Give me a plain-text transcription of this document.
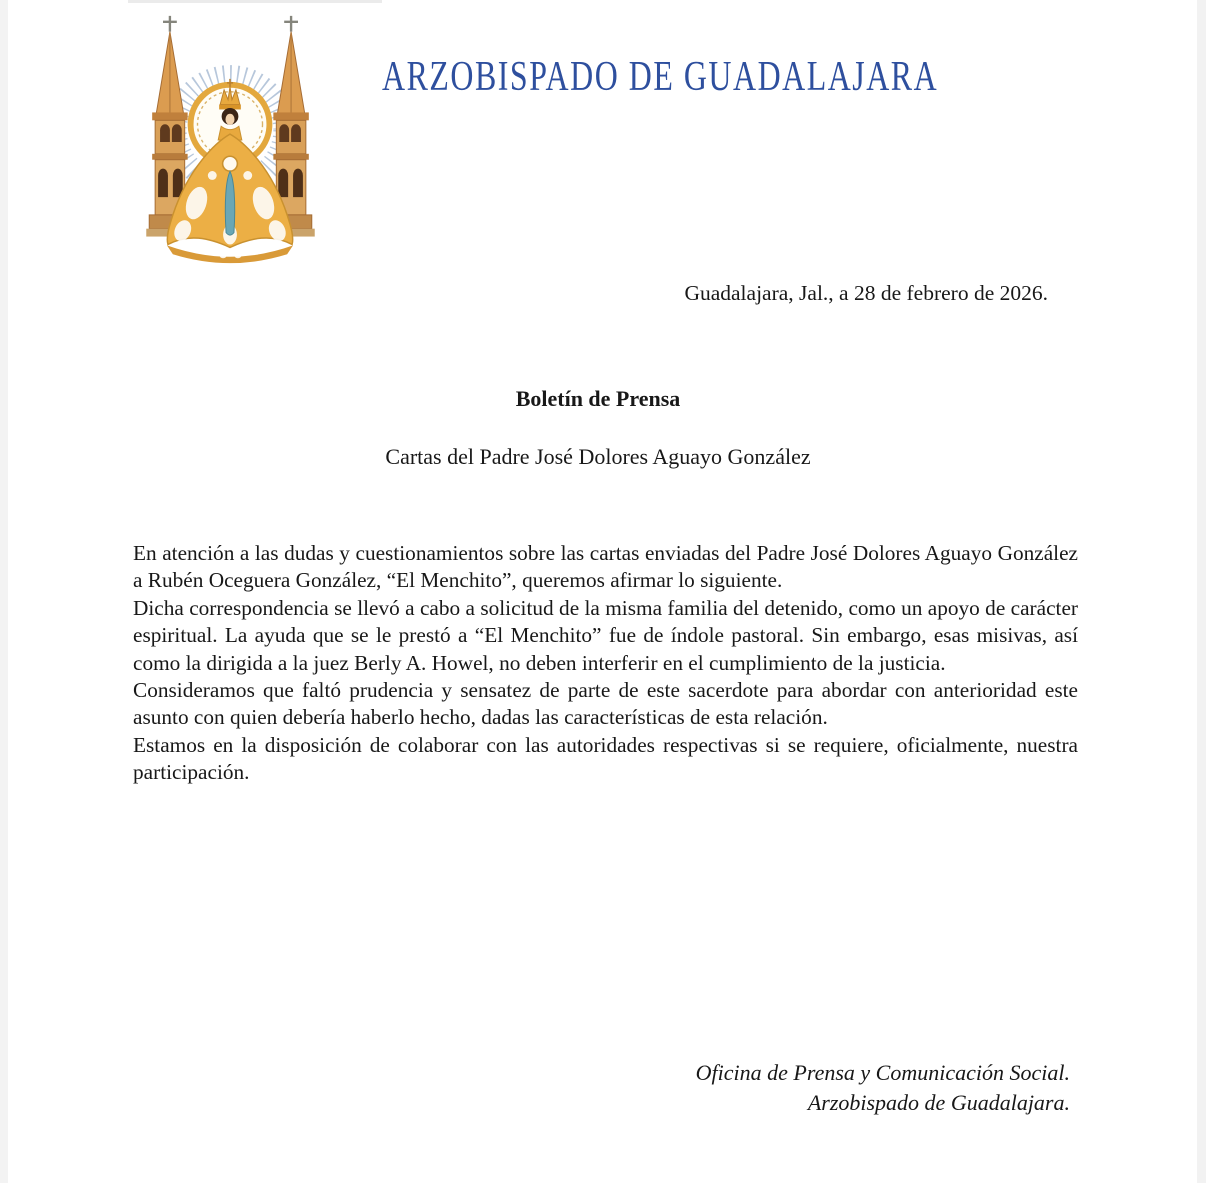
ARZOBISPADO DE GUADALAJARA
Guadalajara, Jal., a 28 de febrero de 2026.
Boletín de Prensa
Cartas del Padre José Dolores Aguayo González

En atención a las dudas y cuestionamientos sobre las cartas enviadas del Padre José Dolores Aguayo González a Rubén Oceguera González, “El Menchito”, queremos afirmar lo siguiente.

Dicha correspondencia se llevó a cabo a solicitud de la misma familia del detenido, como un apoyo de carácter espiritual. La ayuda que se le prestó a “El Menchito” fue de índole pastoral. Sin embargo, esas misivas, así como la dirigida a la juez Berly A. Howel, no deben interferir en el cumplimiento de la justicia.

Consideramos que faltó prudencia y sensatez de parte de este sacerdote para abordar con anterioridad este asunto con quien debería haberlo hecho, dadas las características de esta relación.

Estamos en la disposición de colaborar con las autoridades respectivas si se requiere, oficialmente, nuestra participación.

Oficina de Prensa y Comunicación Social.
Arzobispado de Guadalajara.
